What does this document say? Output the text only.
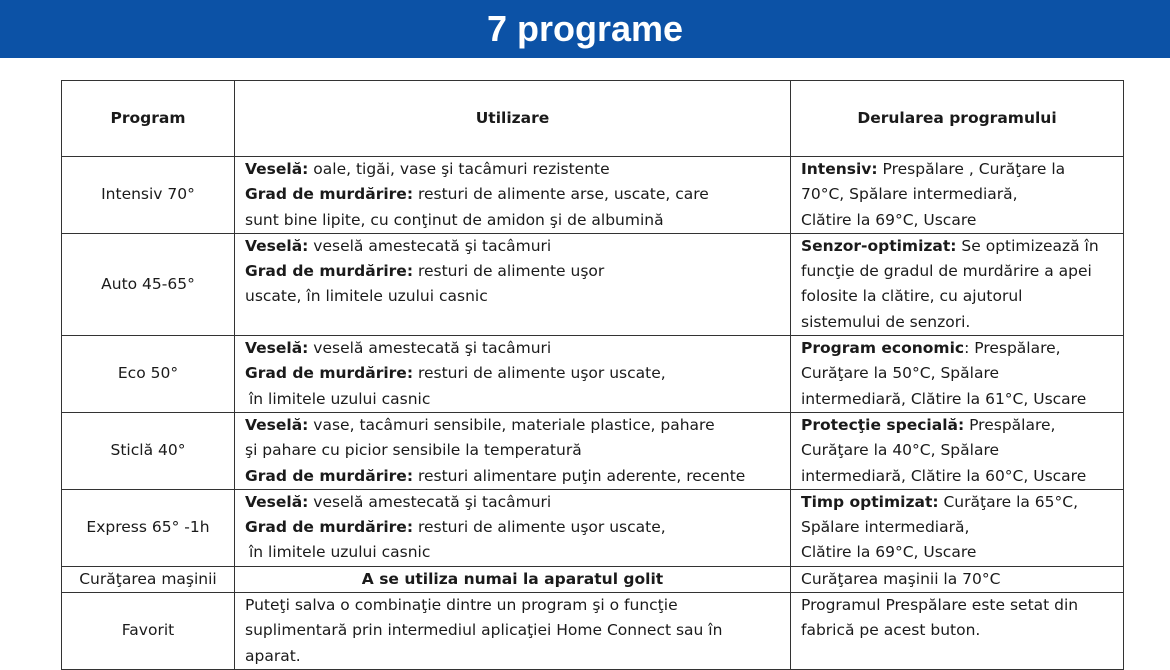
7 programe
Program	Utilizare	Derularea programului
Intensiv 70°	Veselă: oale, tigăi, vase şi tacâmuri rezistente
Grad de murdărire: resturi de alimente arse, uscate, care
sunt bine lipite, cu conţinut de amidon şi de albumină	Intensiv: Prespălare , Curăţare la
70°C, Spălare intermediară,
Clătire la 69°C, Uscare

Auto 45-65°	Veselă: veselă amestecată şi tacâmuri
Grad de murdărire: resturi de alimente uşor
uscate, în limitele uzului casnic	Senzor-optimizat: Se optimizează în
funcţie de gradul de murdărire a apei
folosite la clătire, cu ajutorul
sistemului de senzori.

Eco 50°	Veselă: veselă amestecată şi tacâmuri
Grad de murdărire: resturi de alimente uşor uscate,
în limitele uzului casnic	Program economic: Prespălare,
Curăţare la 50°C, Spălare
intermediară, Clătire la 61°C, Uscare

Sticlă 40°	Veselă: vase, tacâmuri sensibile, materiale plastice, pahare
şi pahare cu picior sensibile la temperatură
Grad de murdărire: resturi alimentare puţin aderente, recente	Protecţie specială: Prespălare,
Curăţare la 40°C, Spălare
intermediară, Clătire la 60°C, Uscare

Express 65° -1h	Veselă: veselă amestecată şi tacâmuri
Grad de murdărire: resturi de alimente uşor uscate,
în limitele uzului casnic	Timp optimizat: Curăţare la 65°C,
Spălare intermediară,
Clătire la 69°C, Uscare

Curăţarea maşinii	A se utiliza numai la aparatul golit	Curăţarea maşinii la 70°C

Favorit	Puteţi salva o combinaţie dintre un program şi o funcţie
suplimentară prin intermediul aplicaţiei Home Connect sau în
aparat.	Programul Prespălare este setat din
fabrică pe acest buton.
